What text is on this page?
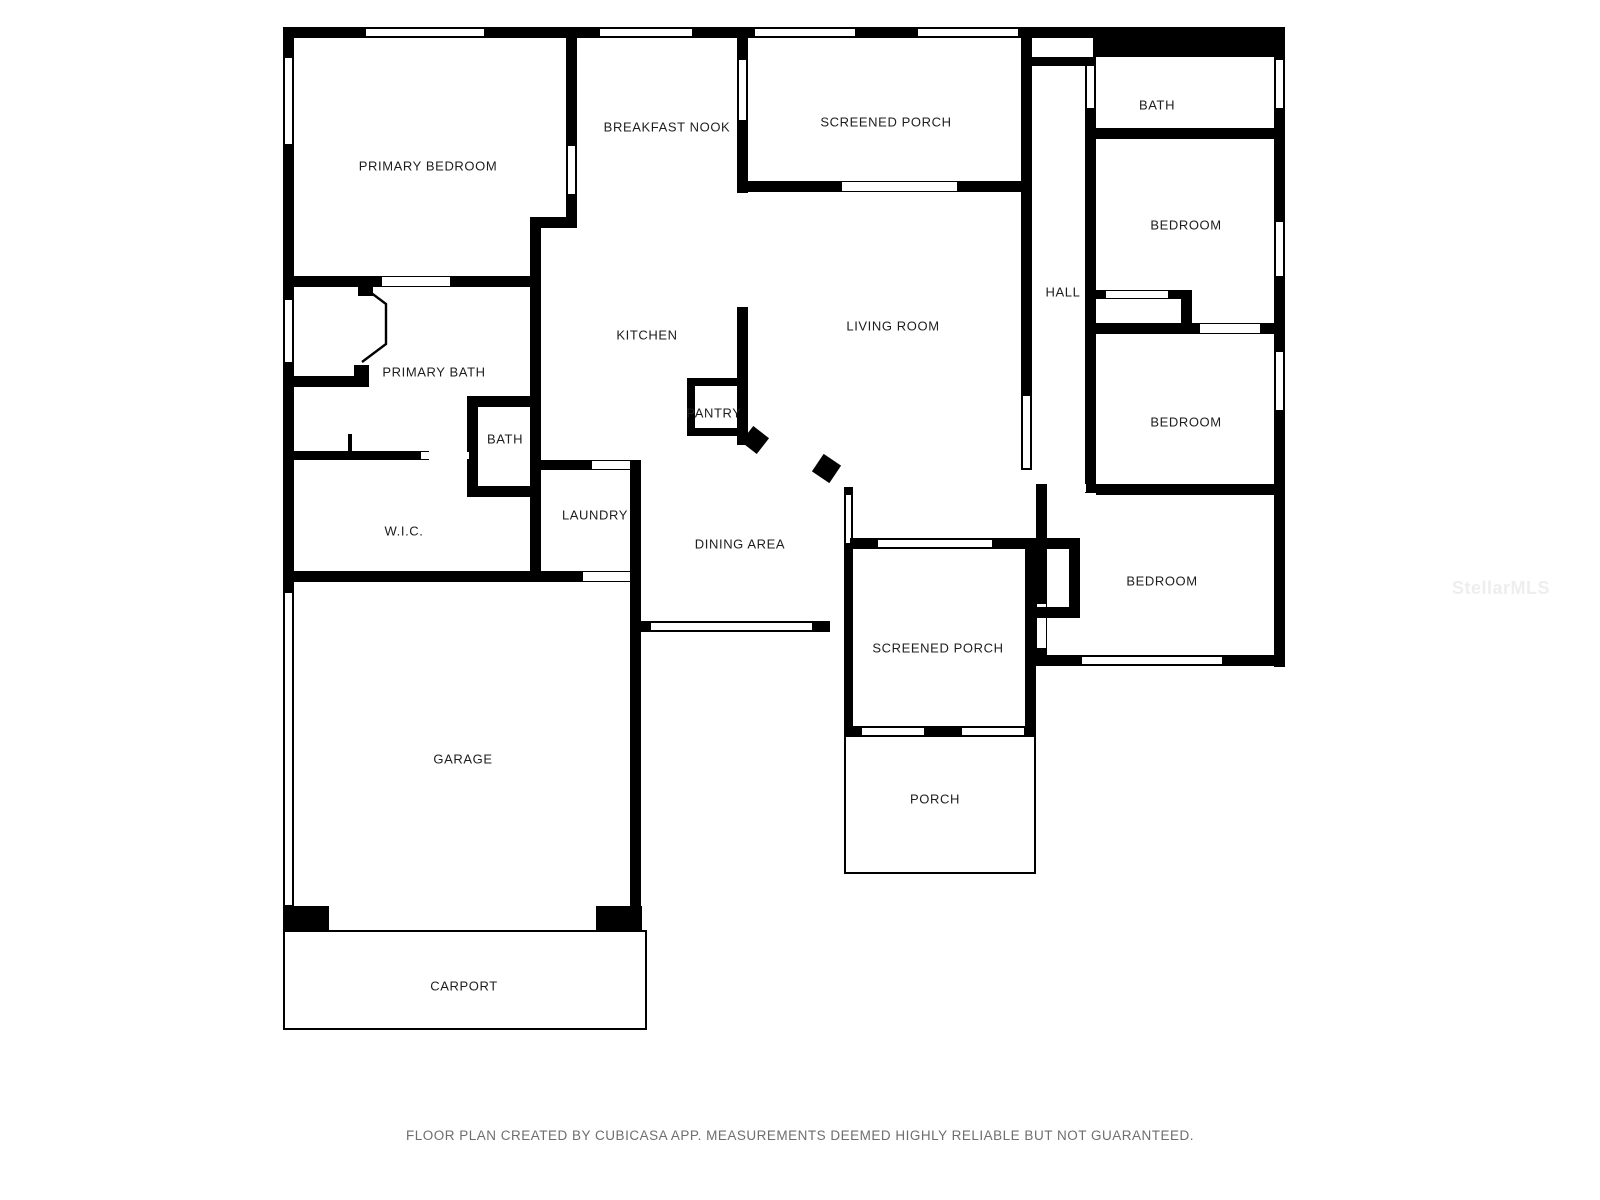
PRIMARY BEDROOM
BREAKFAST NOOK	SCREENED PORCH
BATH
BEDROOM
HALL
KITCHEN
LIVING ROOM
PRIMARY BATH
PANTRY
BEDROOM
BATH
LAUNDRY
W.I.C.
DINING AREA
BEDROOM
SCREENED PORCH
GARAGE
PORCH
CARPORT
StellarMLS
FLOOR PLAN CREATED BY CUBICASA APP. MEASUREMENTS DEEMED HIGHLY RELIABLE BUT NOT GUARANTEED.
